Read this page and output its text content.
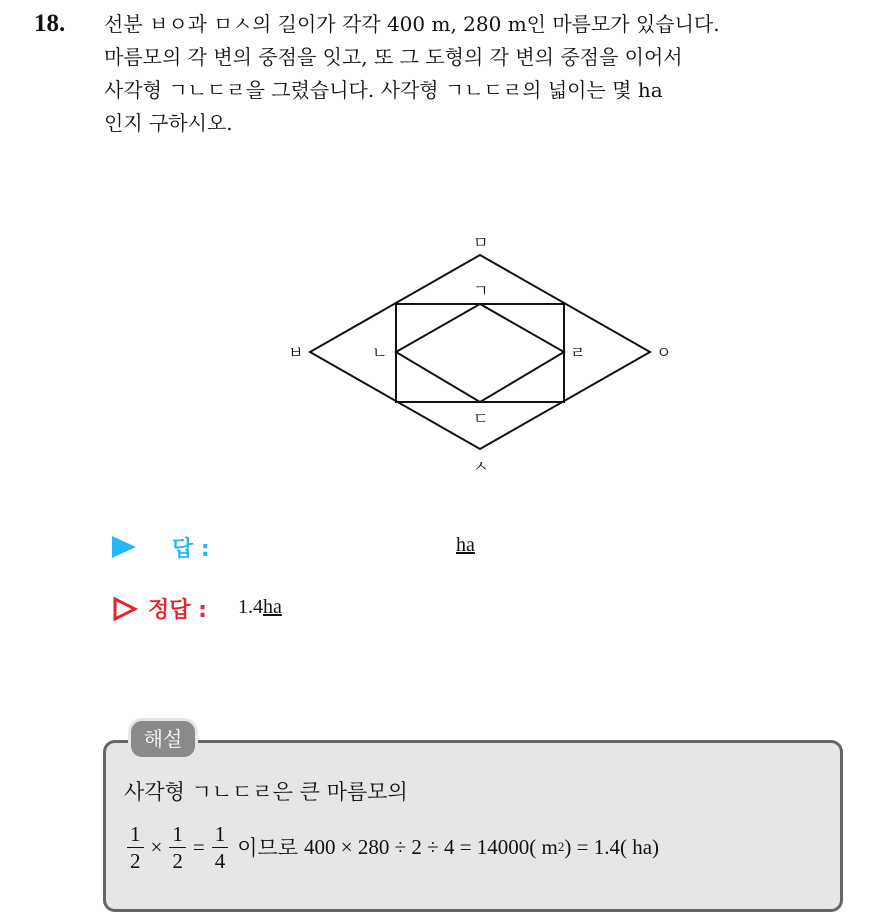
18. 선분 ㅂㅇ과 ㅁㅅ의 길이가 각각 400 m, 280 m인 마름모가 있습니다.
마름모의 각 변의 중점을 잇고, 또 그 도형의 각 변의 중점을 이어서
사각형 ㄱㄴㄷㄹ을 그렸습니다. 사각형 ㄱㄴㄷㄹ의 넓이는 몇 ha
인지 구하시오.
ㅁ
ㄱ
ㅂ	ㄴ	ㄹ	ㅇ
ㄷ
ㅅ
답 :	ha
정답 : 1.4ha
해설
사각형 ㄱㄴㄷㄹ은 큰 마름모의
$\frac{1}{2} \times \frac{1}{2} = \frac{1}{4}$ 이므로 400 × 280 ÷ 2 ÷ 4 = 14000( m 2 ) = 1.4( ha)
